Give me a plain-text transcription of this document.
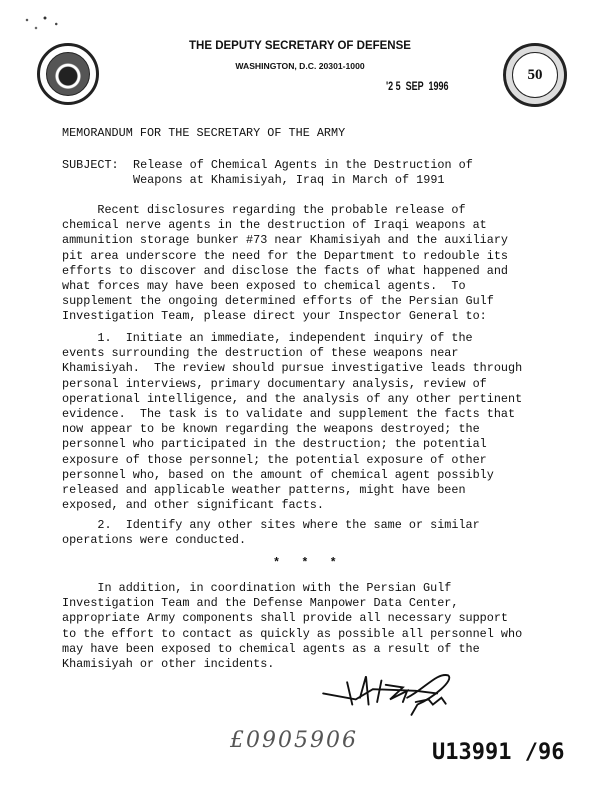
THE DEPUTY SECRETARY OF DEFENSE
WASHINGTON, D.C. 20301-1000
'2 5  SEP  1996
50
MEMORANDUM FOR THE SECRETARY OF THE ARMY
SUBJECT: Release of Chemical Agents in the Destruction of
Weapons at Khamisiyah, Iraq in March of 1991
Recent disclosures regarding the probable release of
chemical nerve agents in the destruction of Iraqi weapons at
ammunition storage bunker #73 near Khamisiyah and the auxiliary
pit area underscore the need for the Department to redouble its
efforts to discover and disclose the facts of what happened and
what forces may have been exposed to chemical agents.  To
supplement the ongoing determined efforts of the Persian Gulf
Investigation Team, please direct your Inspector General to:
1.  Initiate an immediate, independent inquiry of the
events surrounding the destruction of these weapons near
Khamisiyah.  The review should pursue investigative leads through
personal interviews, primary documentary analysis, review of
operational intelligence, and the analysis of any other pertinent
evidence.  The task is to validate and supplement the facts that
now appear to be known regarding the weapons destroyed; the
personnel who participated in the destruction; the potential
exposure of those personnel; the potential exposure of other
personnel who, based on the amount of chemical agent possibly
released and applicable weather patterns, might have been
exposed, and other significant facts.
2.  Identify any other sites where the same or similar
operations were conducted.
*   *   *
In addition, in coordination with the Persian Gulf
Investigation Team and the Defense Manpower Data Center,
appropriate Army components shall provide all necessary support
to the effort to contact as quickly as possible all personnel who
may have been exposed to chemical agents as a result of the
Khamisiyah or other incidents.
£0905906	U13991 /96
